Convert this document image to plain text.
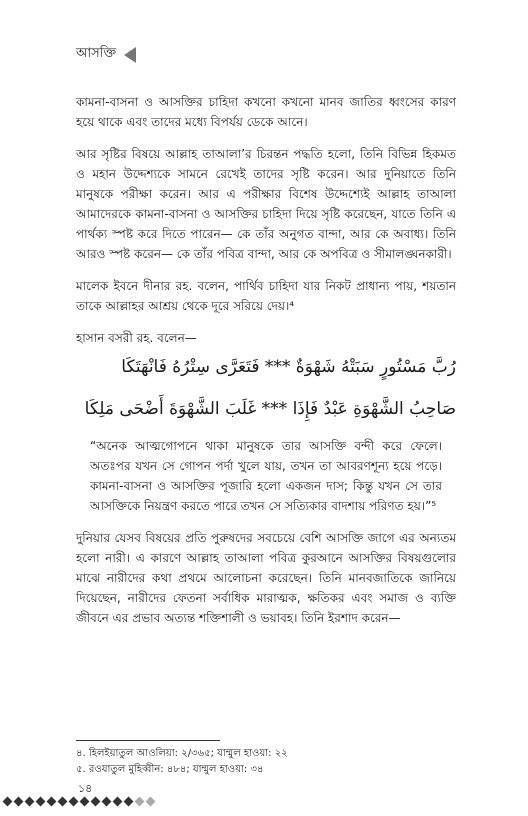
আসক্তি

কামনা-বাসনা ও আসক্তির চাহিদা কখনো কখনো মানব জাতির ধ্বংসের কারণ হয়ে থাকে এবং তাদের মধ্যে বিপর্যয় ডেকে আনে।

আর সৃষ্টির বিষয়ে আল্লাহ তাআলা’র চিরন্তন পদ্ধতি হলো, তিনি বিভিন্ন হিকমত ও মহান উদ্দেশ্যকে সামনে রেখেই তাদের সৃষ্টি করেন। আর দুনিয়াতে তিনি মানুষকে পরীক্ষা করেন। আর এ পরীক্ষার বিশেষ উদ্দেশ্যেই আল্লাহ তাআলা আমাদেরকে কামনা-বাসনা ও আসক্তির চাহিদা দিয়ে সৃষ্টি করেছেন, যাতে তিনি এ পার্থক্য স্পষ্ট করে দিতে পারেন— কে তাঁর অনুগত বান্দা, আর কে অবাধ্য। তিনি আরও স্পষ্ট করেন— কে তাঁর পবিত্র বান্দা, আর কে অপবিত্র ও সীমালঙ্ঘনকারী।

মালেক ইবনে দীনার রহ. বলেন, পার্থিব চাহিদা যার নিকট প্রাধান্য পায়, শয়তান তাকে আল্লাহর আশ্রয় থেকে দূরে সরিয়ে দেয়।⁴

হাসান বসরী রহ. বলেন—

رُبَّ مَسْتُورٍ سَبَتْهُ شَهْوَةٌ *** فَتَعَرَّى سِتْرُهُ فَانْهَتَكَا

صَاحِبُ الشَّهْوَةِ عَبْدٌ فَإِذَا *** غَلَبَ الشَّهْوَةَ أَضْحَى مَلِكَا

“অনেক আত্মগোপনে থাকা মানুষকে তার আসক্তি বন্দী করে ফেলে। অতঃপর যখন সে গোপন পর্দা খুলে যায়, তখন তা আবরণশূন্য হয়ে পড়ে। কামনা-বাসনা ও আসক্তির পূজারি হলো একজন দাস; কিন্তু যখন সে তার আসক্তিকে নিয়ন্ত্রণ করতে পারে তখন সে সত্যিকার বাদশায় পরিণত হয়।”⁵

দুনিয়ার যেসব বিষয়ের প্রতি পুরুষদের সবচেয়ে বেশি আসক্তি জাগে এর অন্যতম হলো নারী। এ কারণে আল্লাহ তাআলা পবিত্র কুরআনে আসক্তির বিষয়গুলোর মাঝে নারীদের কথা প্রথমে আলোচনা করেছেন। তিনি মানবজাতিকে জানিয়ে দিয়েছেন, নারীদের ফেতনা সর্বাধিক মারাত্মক, ক্ষতিকর এবং সমাজ ও ব্যক্তি জীবনে এর প্রভাব অত্যন্ত শক্তিশালী ও ভয়াবহ। তিনি ইরশাদ করেন—

৪. হিলইয়াতুল আওলিয়া: ২/৩৬৫; যাম্মুল হাওয়া: ২২
৫. রওযাতুল মুহিব্বীন: ৪৮৪; যাম্মুল হাওয়া: ৩৪
১৪
